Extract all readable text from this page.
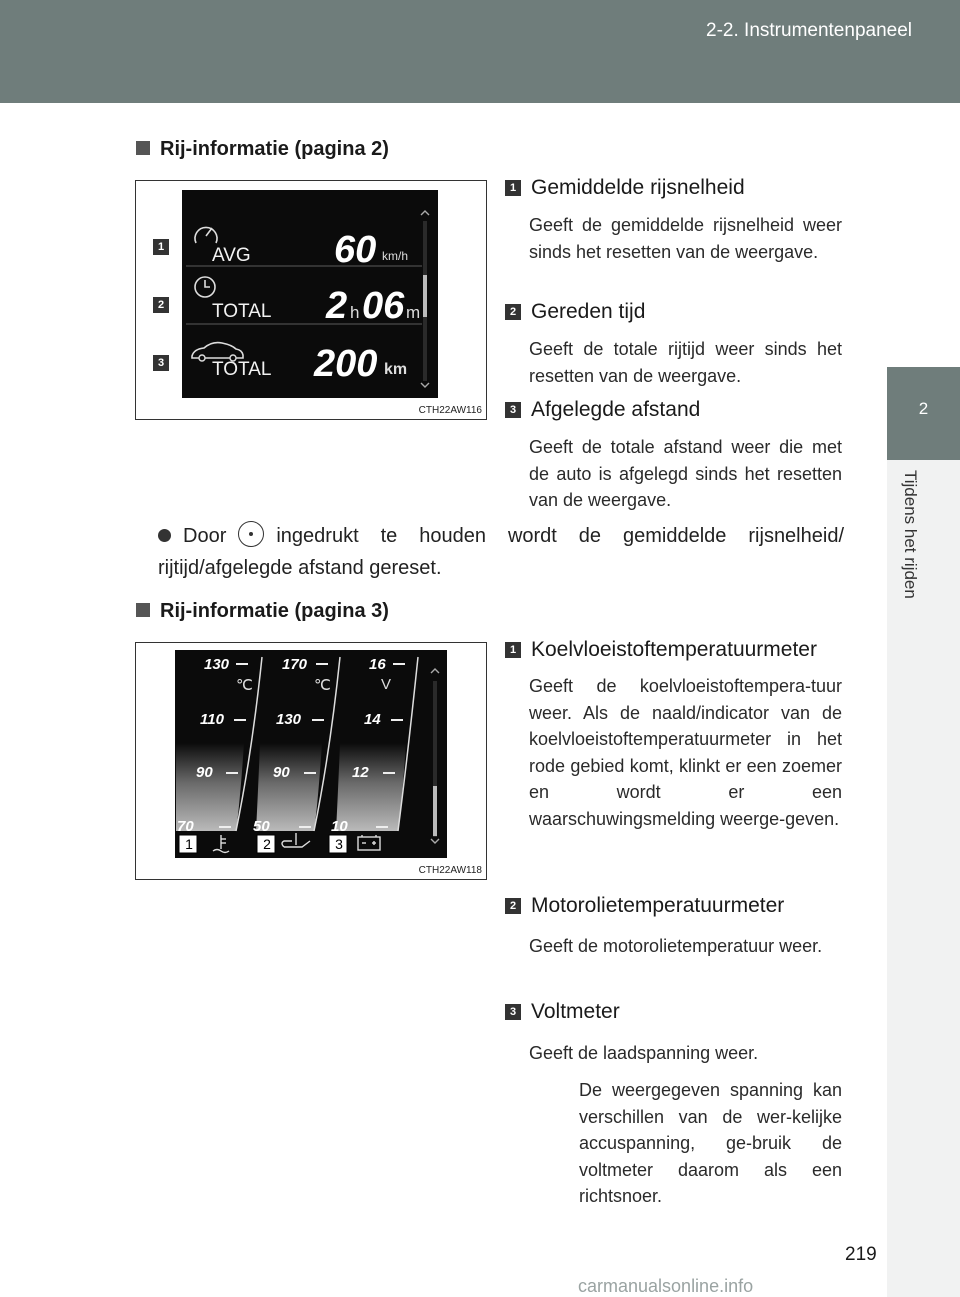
2-2. Instrumentenpaneel
2
Tijdens het rijden
Rij-informatie (pagina 2)
AVG 60 km/h
TOTAL 2 h 06 m
TOTAL 200 km
1
2
3
CTH22AW116
1 Gemiddelde rijsnelheid
Geeft de gemiddelde rijsnelheid weer sinds het resetten van de weergave.
2 Gereden tijd
Geeft de totale rijtijd weer sinds het resetten van de weergave.
3 Afgelegde afstand
Geeft de totale afstand weer die met de auto is afgelegd sinds het resetten van de weergave.
Door	ingedrukt te houden wordt de gemiddelde rijsnelheid/ rijtijd/afgelegde afstand gereset.
Rij-informatie (pagina 3)
130
℃
110
90
70
170
℃
130
90
50
16
V
14
12
10
1	2	3
CTH22AW118
1 Koelvloeistoftemperatuurmeter
Geeft de koelvloeistoftempera-tuur weer. Als de naald/indicator van de koelvloeistoftemperatuurmeter in het rode gebied komt, klinkt er een zoemer en wordt er een waarschuwingsmelding weerge-geven.
2 Motorolietemperatuurmeter
Geeft de motorolietemperatuur weer.
3 Voltmeter
Geeft de laadspanning weer.
De weergegeven spanning kan verschillen van de wer-kelijke accuspanning, ge-bruik de voltmeter daarom als een richtsnoer.
219
carmanualsonline.info
